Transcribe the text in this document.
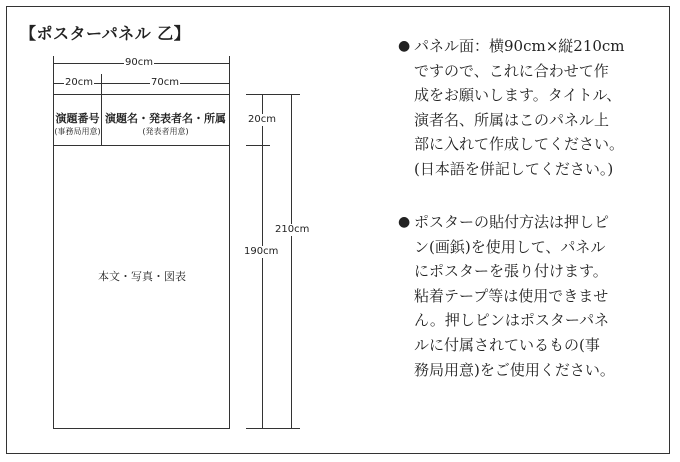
【ポスターパネル 乙】
90cm
20cm	70cm
20cm
190cm
210cm
演題番号
(事務局用意)
演題名・発表者名・所属
(発表者用意)
本文・写真・図表
● パネル面：横90cm×縦210cm
ですので、これに合わせて作
成をお願いします。タイトル、
演者名、所属はこのパネル上
部に入れて作成してください。
(日本語を併記してください。)
● ポスターの貼付方法は押しピ
ン(画鋲)を使用して、パネル
にポスターを張り付けます。
粘着テープ等は使用できませ
ん。押しピンはポスターパネ
ルに付属されているもの(事
務局用意)をご使用ください。
